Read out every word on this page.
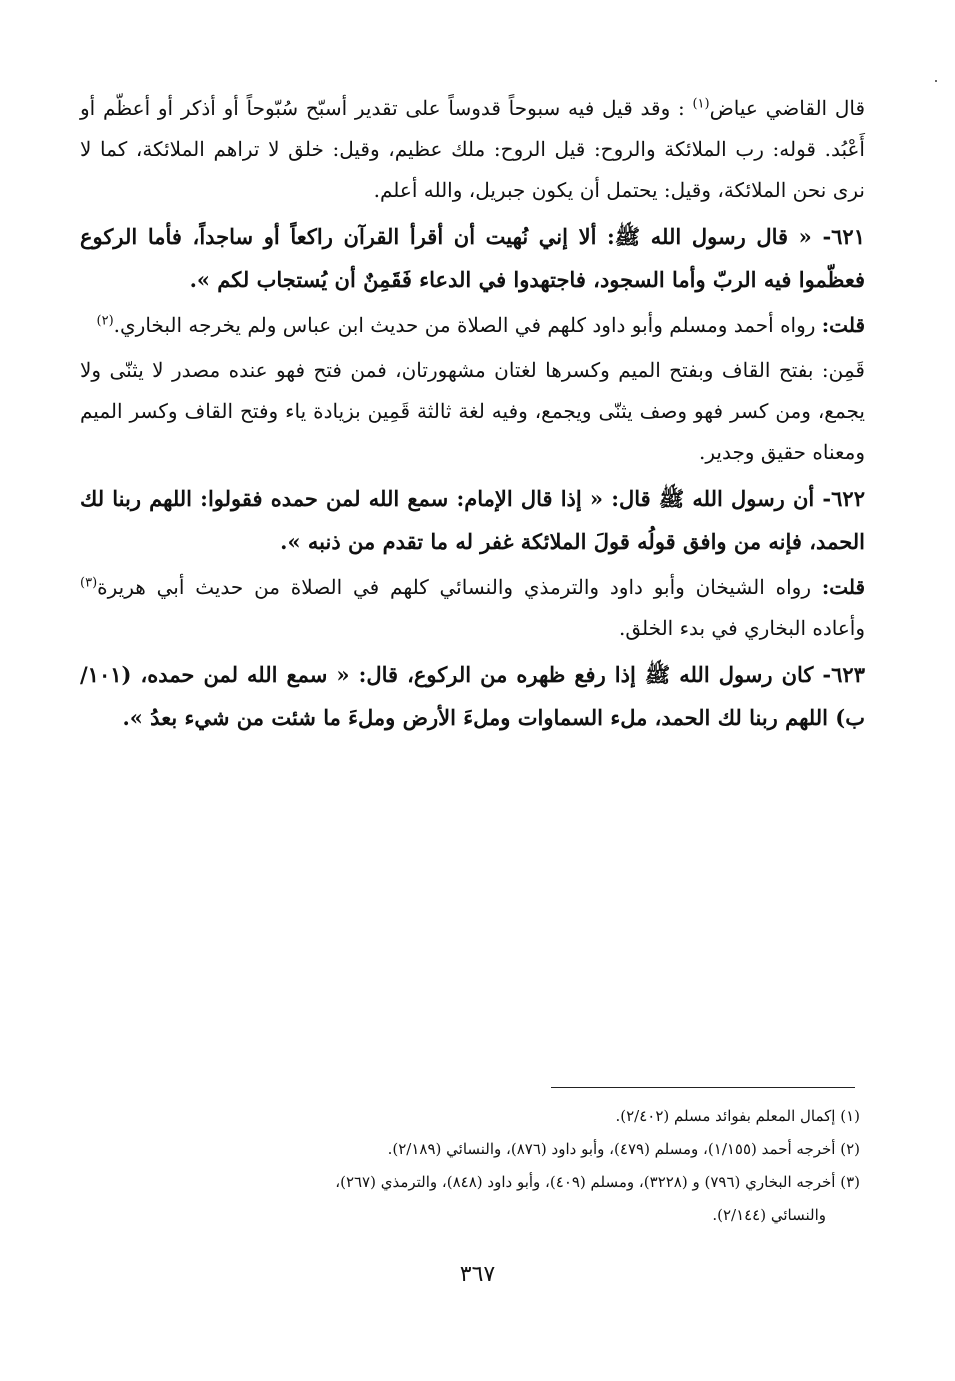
قال القاضي عياض$^{(١)}$ : وقد قيل فيه سبوحاً قدوساً على تقدير أسبّح سُبّوحاً أو أذكر أو أعظّم أو أَعْبُد. قوله: رب الملائكة والروح: قيل الروح: ملك عظيم، وقيل: خلق لا تراهم الملائكة، كما لا نرى نحن الملائكة، وقيل: يحتمل أن يكون جبريل، والله أعلم.

٦٢١- « قال رسول الله ﷺ: ألا إني نُهيت أن أقرأ القرآن راكعاً أو ساجداً، فأما الركوع فعظّموا فيه الربّ وأما السجود، فاجتهدوا في الدعاء فَقَمِنٌ أن يُستجاب لكم ».

قلت: رواه أحمد ومسلم وأبو داود كلهم في الصلاة من حديث ابن عباس ولم يخرجه البخاري.$^{(٢)}$

قَمِن: بفتح القاف وبفتح الميم وكسرها لغتان مشهورتان، فمن فتح فهو عنده مصدر لا يثنّى ولا يجمع، ومن كسر فهو وصف يثنّى ويجمع، وفيه لغة ثالثة قَمِين بزيادة ياء وفتح القاف وكسر الميم ومعناه حقيق وجدير.

٦٢٢- أن رسول الله ﷺ قال: « إذا قال الإمام: سمع الله لمن حمده فقولوا: اللهم ربنا لك الحمد، فإنه من وافق قولُه قولَ الملائكة غفر له ما تقدم من ذنبه ».

قلت: رواه الشيخان وأبو داود والترمذي والنسائي كلهم في الصلاة من حديث أبي هريرة$^{(٣)}$ وأعاده البخاري في بدء الخلق.

٦٢٣- كان رسول الله ﷺ إذا رفع ظهره من الركوع، قال: « سمع الله لمن حمده، (١٠١/ب) اللهم ربنا لك الحمد، ملء السماوات وملءَ الأرض وملءَ ما شئت من شيء بعدُ ».

(١) إكمال المعلم بفوائد مسلم (٢/٤٠٢).
(٢) أخرجه أحمد (١/١٥٥)، ومسلم (٤٧٩)، وأبو داود (٨٧٦)، والنسائي (٢/١٨٩).
(٣) أخرجه البخاري (٧٩٦) و (٣٢٢٨)، ومسلم (٤٠٩)، وأبو داود (٨٤٨)، والترمذي (٢٦٧)،
والنسائي (٢/١٤٤).
٣٦٧
